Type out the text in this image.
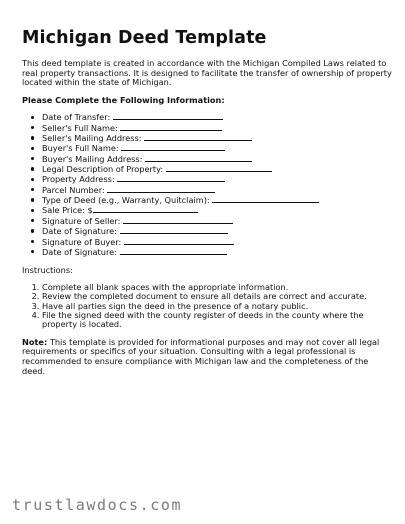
Michigan Deed Template

This deed template is created in accordance with the Michigan Compiled Laws related to real property transactions. It is designed to facilitate the transfer of ownership of property located within the state of Michigan.

Please Complete the Following Information:

Date of Transfer:
Seller's Full Name:
Seller's Mailing Address:
Buyer's Full Name:
Buyer's Mailing Address:
Legal Description of Property:
Property Address:
Parcel Number:
Type of Deed (e.g., Warranty, Quitclaim):
Sale Price: $
Signature of Seller:
Date of Signature:
Signature of Buyer:
Date of Signature:

Instructions:

1. Complete all blank spaces with the appropriate information.
2. Review the completed document to ensure all details are correct and accurate.
3. Have all parties sign the deed in the presence of a notary public.
4. File the signed deed with the county register of deeds in the county where the property is located.

Note: This template is provided for informational purposes and may not cover all legal requirements or specifics of your situation. Consulting with a legal professional is recommended to ensure compliance with Michigan law and the completeness of the deed.

trustlawdocs.com
